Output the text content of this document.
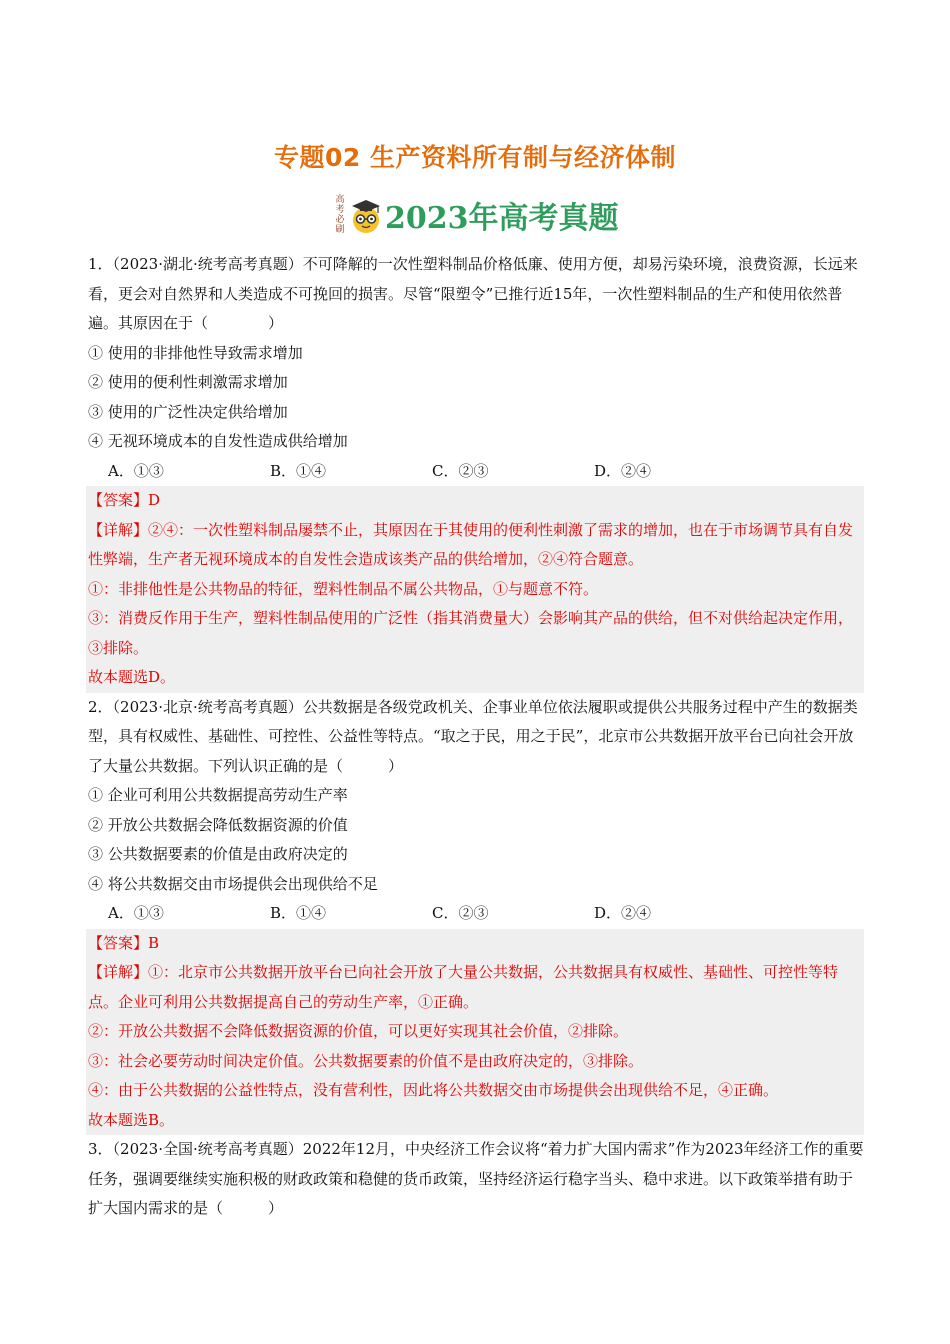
专题02 生产资料所有制与经济体制
高
考
必
刷 2023年高考真题

1．（2023·湖北·统考高考真题）不可降解的一次性塑料制品价格低廉、使用方便，却易污染环境，浪费资源，长远来看，更会对自然界和人类造成不可挽回的损害。尽管“限塑令”已推行近15年，一次性塑料制品的生产和使用依然普遍。其原因在于（　　　　）

① 使用的非排他性导致需求增加

② 使用的便利性刺激需求增加

③ 使用的广泛性决定供给增加

④ 无视环境成本的自发性造成供给增加

A．①③	B．①④	C．②③	D．②④

【答案】D

【详解】②④：一次性塑料制品屡禁不止，其原因在于其使用的便利性刺激了需求的增加，也在于市场调节具有自发性弊端，生产者无视环境成本的自发性会造成该类产品的供给增加，②④符合题意。

①：非排他性是公共物品的特征，塑料性制品不属公共物品，①与题意不符。

③：消费反作用于生产，塑料性制品使用的广泛性（指其消费量大）会影响其产品的供给，但不对供给起决定作用，③排除。

故本题选D。

2．（2023·北京·统考高考真题）公共数据是各级党政机关、企事业单位依法履职或提供公共服务过程中产生的数据类型，具有权威性、基础性、可控性、公益性等特点。“取之于民，用之于民”，北京市公共数据开放平台已向社会开放了大量公共数据。下列认识正确的是（　　　）

① 企业可利用公共数据提高劳动生产率

② 开放公共数据会降低数据资源的价值

③ 公共数据要素的价值是由政府决定的

④ 将公共数据交由市场提供会出现供给不足

A．①③	B．①④	C．②③	D．②④

【答案】B

【详解】①：北京市公共数据开放平台已向社会开放了大量公共数据，公共数据具有权威性、基础性、可控性等特点。企业可利用公共数据提高自己的劳动生产率，①正确。

②：开放公共数据不会降低数据资源的价值，可以更好实现其社会价值，②排除。

③：社会必要劳动时间决定价值。公共数据要素的价值不是由政府决定的，③排除。

④：由于公共数据的公益性特点，没有营利性，因此将公共数据交由市场提供会出现供给不足，④正确。

故本题选B。

3．（2023·全国·统考高考真题）2022年12月，中央经济工作会议将“着力扩大国内需求”作为2023年经济工作的重要任务，强调要继续实施积极的财政政策和稳健的货币政策，坚持经济运行稳字当头、稳中求进。以下政策举措有助于扩大国内需求的是（　　　）
